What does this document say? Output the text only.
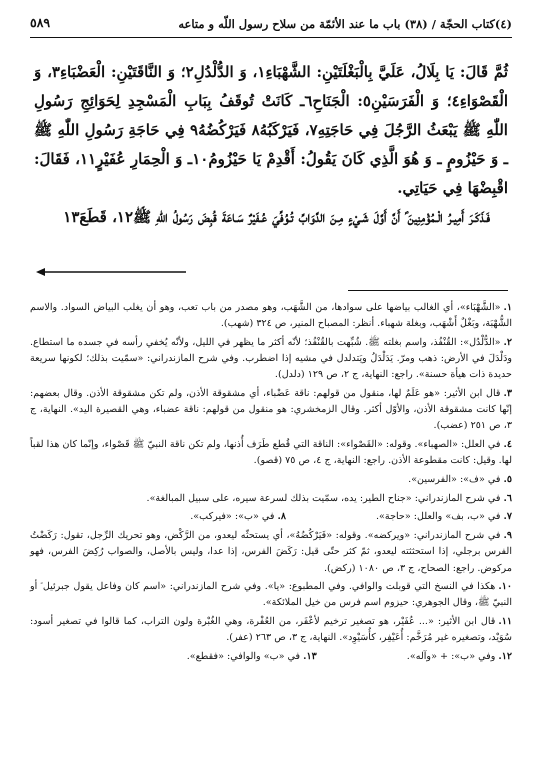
(٤)كتاب الحجّة / (٣٨) باب ما عند الأئمّة من سلاح رسول اللّه و متاعه
٥٨٩

ثُمَّ قَالَ: يَا بِلَالُ، عَلَيَّ بِالْبَغْلَتَيْنِ: الشَّهْبَاءِ١، وَ الدُّلْدُلِ٢؛ وَ النَّاقَتَيْنِ: الْعَضْبَاءِ٣، وَ الْقَصْوَاءِ٤؛ وَ الْفَرَسَيْنِ٥: الْجَنَاحِ٦ـ كَانَتْ تُوقَفُ بِبَابِ الْمَسْجِدِ لِحَوَائِجِ رَسُولِ اللّٰهِ ﷺ يَبْعَثُ الرَّجُلَ فِي حَاجَتِهِ٧، فَيَرْكَبُهُ٨ فَيَرْكُضُهُ٩ فِي حَاجَةِ رَسُولِ اللّٰهِ ﷺ ـ وَ حَيْزُومٍ ـ وَ هُوَ الَّذِي كَانَ يَقُولُ: أَقْدِمْ يَا حَيْزُومُ١٠ـ وَ الْحِمَارِ عُفَيْرٍ١١، فَقَالَ: اقْبِضْهَا فِي حَيَاتِي.

فَـذَكَـرَ أَمِيـرُ الْـمُؤْمِنِينَ ؑ أَنَّ أَوَّلَ شَـيْءٍ مِـنَ الدَّوَابِّ تُـوُفِّيَ عُـفَيْرٌ سَـاعَةَ قُبِضَ رَسُولُ اللّٰهِ ﷺ١٢، قَطَعَ١٣

١.«الشَّهْبَاء»، أي الغالب بياضها على سوادها، من الشَّهَب، وهو مصدر من باب تعب، وهو أن يغلب البياض السواد. والاسم الشُّهْبَة، وبَغْلٌ أَشْهَب، وبغلة شهباء. أنظر: المصباح المنير، ص ٣٢٤ (شهب).

٢.«الدُّلْدُل»: القُنْفُذ، واسم بغلته ﷺ. شُبِّهت بالقُنْفُذ؛ لأنّه أكثر ما يظهر في الليل، ولأنّه يُخفي رأسه في جسده ما استطاع. ودَلْدَلَ في الأرض: ذهب ومرّ. يَدَلْدَلُ ويَتدلدل في مشيه إذا اضطرب. وفي شرح المازندراني: «سمّيت بذلك؛ لكونها سريعة حديدة ذات هيأة حسنة». راجع: النهاية، ج ٢، ص ١٢٩ (دلدل).

٣.قال ابن الأثير: «هو عَلَمٌ لها، منقول من قولهم: ناقة عَضْباء، أي مشقوقة الأذن، ولم تكن مشقوقة الأذن. وقال بعضهم: إنّها كانت مشقوقة الأذن، والأوّل أكثر. وقال الزمخشري: هو منقول من قولهم: ناقة عضباء، وهي القصيرة اليد». النهاية، ج ٣، ص ٢٥١ (عضب).

٤.في العلل: «الصهباء». وقوله: «القَصْواء»: الناقة التي قُطع طَرَف أُذنها، ولم تكن ناقة النبيّ ﷺ قَصْواء، وإنّما كان هذا لقباً لها. وقيل: كانت مقطوعة الأذن. راجع: النهاية، ج ٤، ص ٧٥ (قصو).

٥.في «ف»: «الفرسين».

٦.في شرح المازندراني: «جناح الطير: يده، سمّيت بذلك لسرعة سيره، على سبيل المبالغة».

٧.في «ب، بف» والعلل: «حاجة».
٨.في «ب»: «فيركب».

٩.في شرح المازندراني: «ويركضه». وقوله: «فَيَرْكُضُهُ»، أي يستحثّه ليعدو، من الرَّكْض، وهو تحريك الرِّجل، تقول: رَكَضْتُ الفرس برجلي، إذا استحثثته ليعدو، ثمّ كثر حتّى قيل: رَكَضَ الفرس، إذا عدا، وليس بالأصل، والصواب رُكِضَ الفرس، فهو مركوض. راجع: الصحاح، ج ٣، ص ١٠٨٠ (ركض).

١٠.هكذا في النسخ التي قوبلت والوافي. وفي المطبوع: «يا». وفي شرح المازندراني: «اسم كان وفاعل يقول جبرئيل ؑ أو النبيّ ﷺ، وقال الجوهري: حيزوم اسم فرس من خيل الملائكة».

١١.قال ابن الأثير: «... عُفَيْر، هو تصغير ترخيم لأعْفَر، من العُفْرة، وهي الغُبْرة ولون التراب، كما قالوا في تصغير أسود: سُوَيْد، وتصغيره غير مُرَخَّم: أُعَيْفِر، كأُسَيْوِد». النهاية، ج ٣، ص ٢٦٣ (عفر).

١٢.وفي «ب»: + «وآله».
١٣.في «ب» والوافي: «فقطع».
